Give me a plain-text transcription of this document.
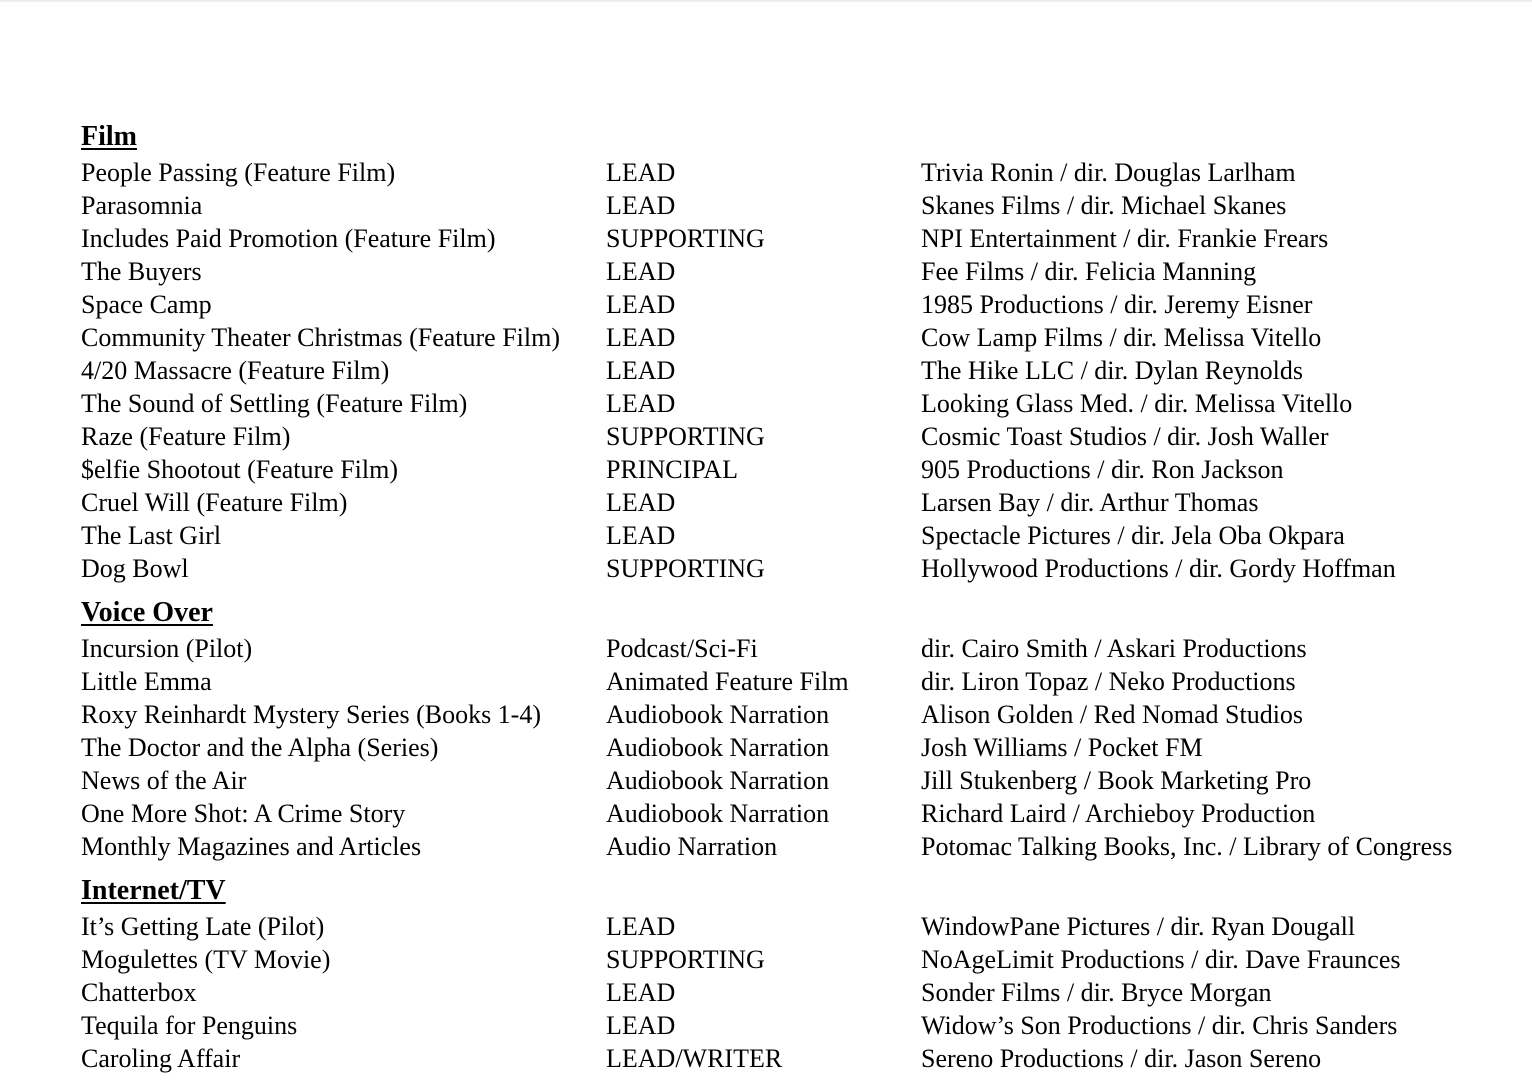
Film
People Passing (Feature Film)	LEAD	Trivia Ronin / dir. Douglas Larlham
Parasomnia	LEAD	Skanes Films / dir. Michael Skanes
Includes Paid Promotion (Feature Film)	SUPPORTING	NPI Entertainment / dir. Frankie Frears
The Buyers	LEAD	Fee Films / dir. Felicia Manning
Space Camp	LEAD	1985 Productions / dir. Jeremy Eisner
Community Theater Christmas (Feature Film)	LEAD	Cow Lamp Films / dir. Melissa Vitello
4/20 Massacre (Feature Film)	LEAD	The Hike LLC / dir. Dylan Reynolds
The Sound of Settling (Feature Film)	LEAD	Looking Glass Med. / dir. Melissa Vitello
Raze (Feature Film)	SUPPORTING	Cosmic Toast Studios / dir. Josh Waller
$elfie Shootout (Feature Film)	PRINCIPAL	905 Productions / dir. Ron Jackson
Cruel Will (Feature Film)	LEAD	Larsen Bay / dir. Arthur Thomas
The Last Girl	LEAD	Spectacle Pictures / dir. Jela Oba Okpara
Dog Bowl	SUPPORTING	Hollywood Productions / dir. Gordy Hoffman
Voice Over
Incursion (Pilot)	Podcast/Sci-Fi	dir. Cairo Smith / Askari Productions
Little Emma	Animated Feature Film	dir. Liron Topaz / Neko Productions
Roxy Reinhardt Mystery Series (Books 1-4)	Audiobook Narration	Alison Golden / Red Nomad Studios
The Doctor and the Alpha (Series)	Audiobook Narration	Josh Williams / Pocket FM
News of the Air	Audiobook Narration	Jill Stukenberg / Book Marketing Pro
One More Shot: A Crime Story	Audiobook Narration	Richard Laird / Archieboy Production
Monthly Magazines and Articles	Audio Narration	Potomac Talking Books, Inc. / Library of Congress
Internet/TV
It’s Getting Late (Pilot)	LEAD	WindowPane Pictures / dir. Ryan Dougall
Mogulettes (TV Movie)	SUPPORTING	NoAgeLimit Productions / dir. Dave Fraunces
Chatterbox	LEAD	Sonder Films / dir. Bryce Morgan
Tequila for Penguins	LEAD	Widow’s Son Productions / dir. Chris Sanders
Caroling Affair	LEAD/WRITER	Sereno Productions / dir. Jason Sereno
